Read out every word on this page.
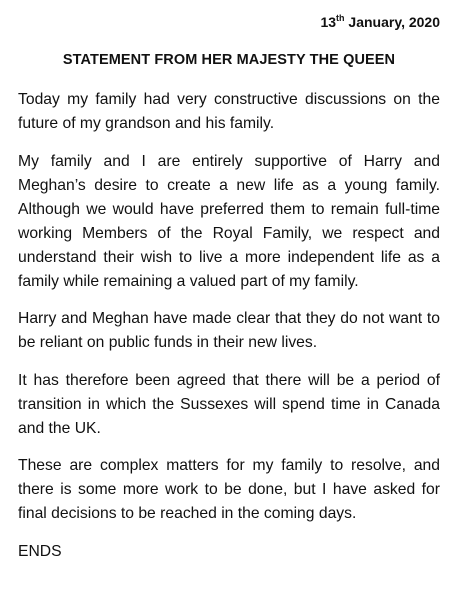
13th January, 2020
STATEMENT FROM HER MAJESTY THE QUEEN

Today my family had very constructive discussions on the future of my grandson and his family.

My family and I are entirely supportive of Harry and Meghan’s desire to create a new life as a young family. Although we would have preferred them to remain full-time working Members of the Royal Family, we respect and understand their wish to live a more independent life as a family while remaining a valued part of my family.

Harry and Meghan have made clear that they do not want to be reliant on public funds in their new lives.

It has therefore been agreed that there will be a period of transition in which the Sussexes will spend time in Canada and the UK.

These are complex matters for my family to resolve, and there is some more work to be done, but I have asked for final decisions to be reached in the coming days.

ENDS
